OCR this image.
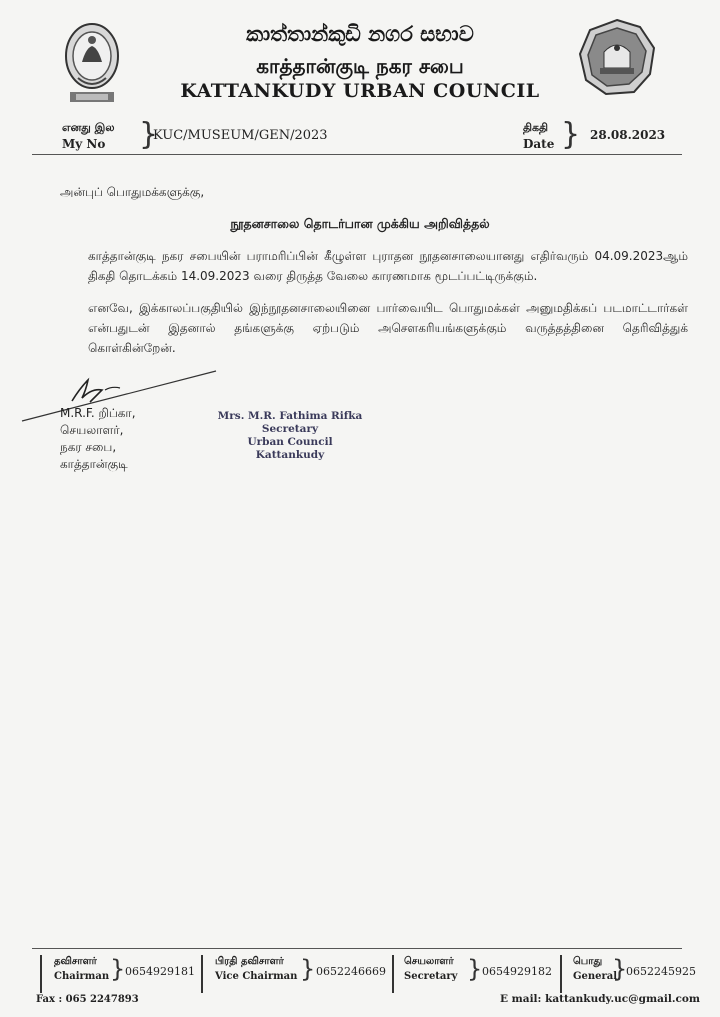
කාත්තාන්කුඩි නගර සභාව
காத்தான்குடி நகர சபை
KATTANKUDY URBAN COUNCIL
எனது இல
My No }
KUC/MUSEUM/GEN/2023
திகதி
Date } 28.08.2023
அன்புப் பொதுமக்களுக்கு,
நூதனசாலை தொடர்பான முக்கிய அறிவித்தல்
காத்தான்குடி நகர சபையின் பராமரிப்பின் கீழுள்ள புராதன நூதனசாலையானது எதிர்வரும் 04.09.2023ஆம் திகதி தொடக்கம் 14.09.2023 வரை திருத்த வேலை காரணமாக மூடப்பட்டிருக்கும்.
எனவே, இக்காலப்பகுதியில் இந்நூதனசாலையினை பார்வையிட பொதுமக்கள் அனுமதிக்கப் படமாட்டார்கள் என்பதுடன் இதனால் தங்களுக்கு ஏற்படும் அசௌகரியங்களுக்கும் வருத்தத்தினை தெரிவித்துக் கொள்கின்றேன்.
M.R.F. றிப்கா,
செயலாளர்,
நகர சபை,
காத்தான்குடி
Mrs. M.R. Fathima Rifka
Secretary
Urban Council
Kattankudy
தவிசாளர்
Chairman } 0654929181
பிரதி தவிசாளர்
Vice Chairman } 0652246669
செயலாளர்
Secretary } 0654929182
பொது
General
}
0652245925
Fax : 065 2247893	E mail: kattankudy.uc@gmail.com
